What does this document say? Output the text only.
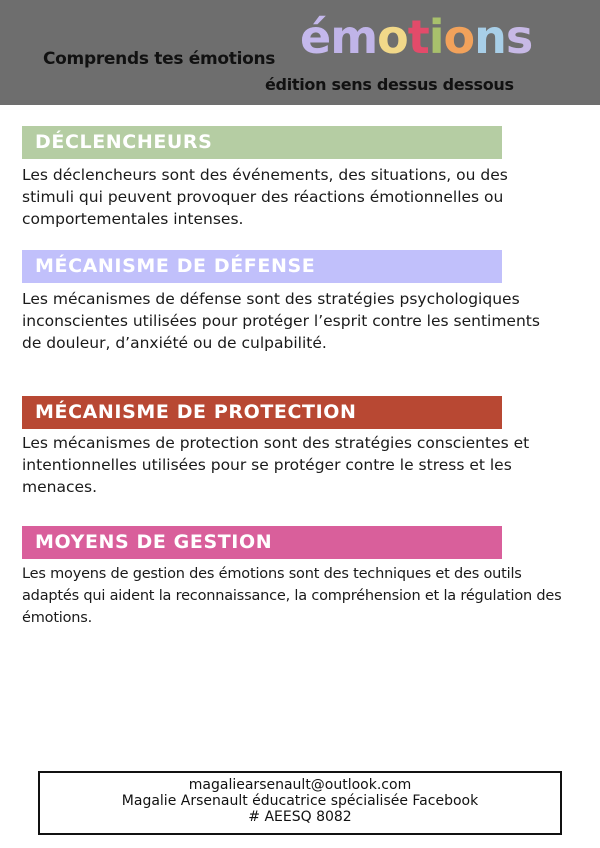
Comprends tes émotions émotions
édition sens dessus dessous
DÉCLENCHEURS
Les déclencheurs sont des événements, des situations, ou des stimuli qui peuvent provoquer des réactions émotionnelles ou comportementales intenses.
MÉCANISME DE DÉFENSE
Les mécanismes de défense sont des stratégies psychologiques inconscientes utilisées pour protéger l’esprit contre les sentiments de douleur, d’anxiété ou de culpabilité.
MÉCANISME DE PROTECTION
Les mécanismes de protection sont des stratégies conscientes et intentionnelles utilisées pour se protéger contre le stress et les menaces.
MOYENS DE GESTION
Les moyens de gestion des émotions sont des techniques et des outils adaptés qui aident la reconnaissance, la compréhension et la régulation des émotions.
magaliearsenault@outlook.com
Magalie Arsenault éducatrice spécialisée Facebook
# AEESQ 8082
